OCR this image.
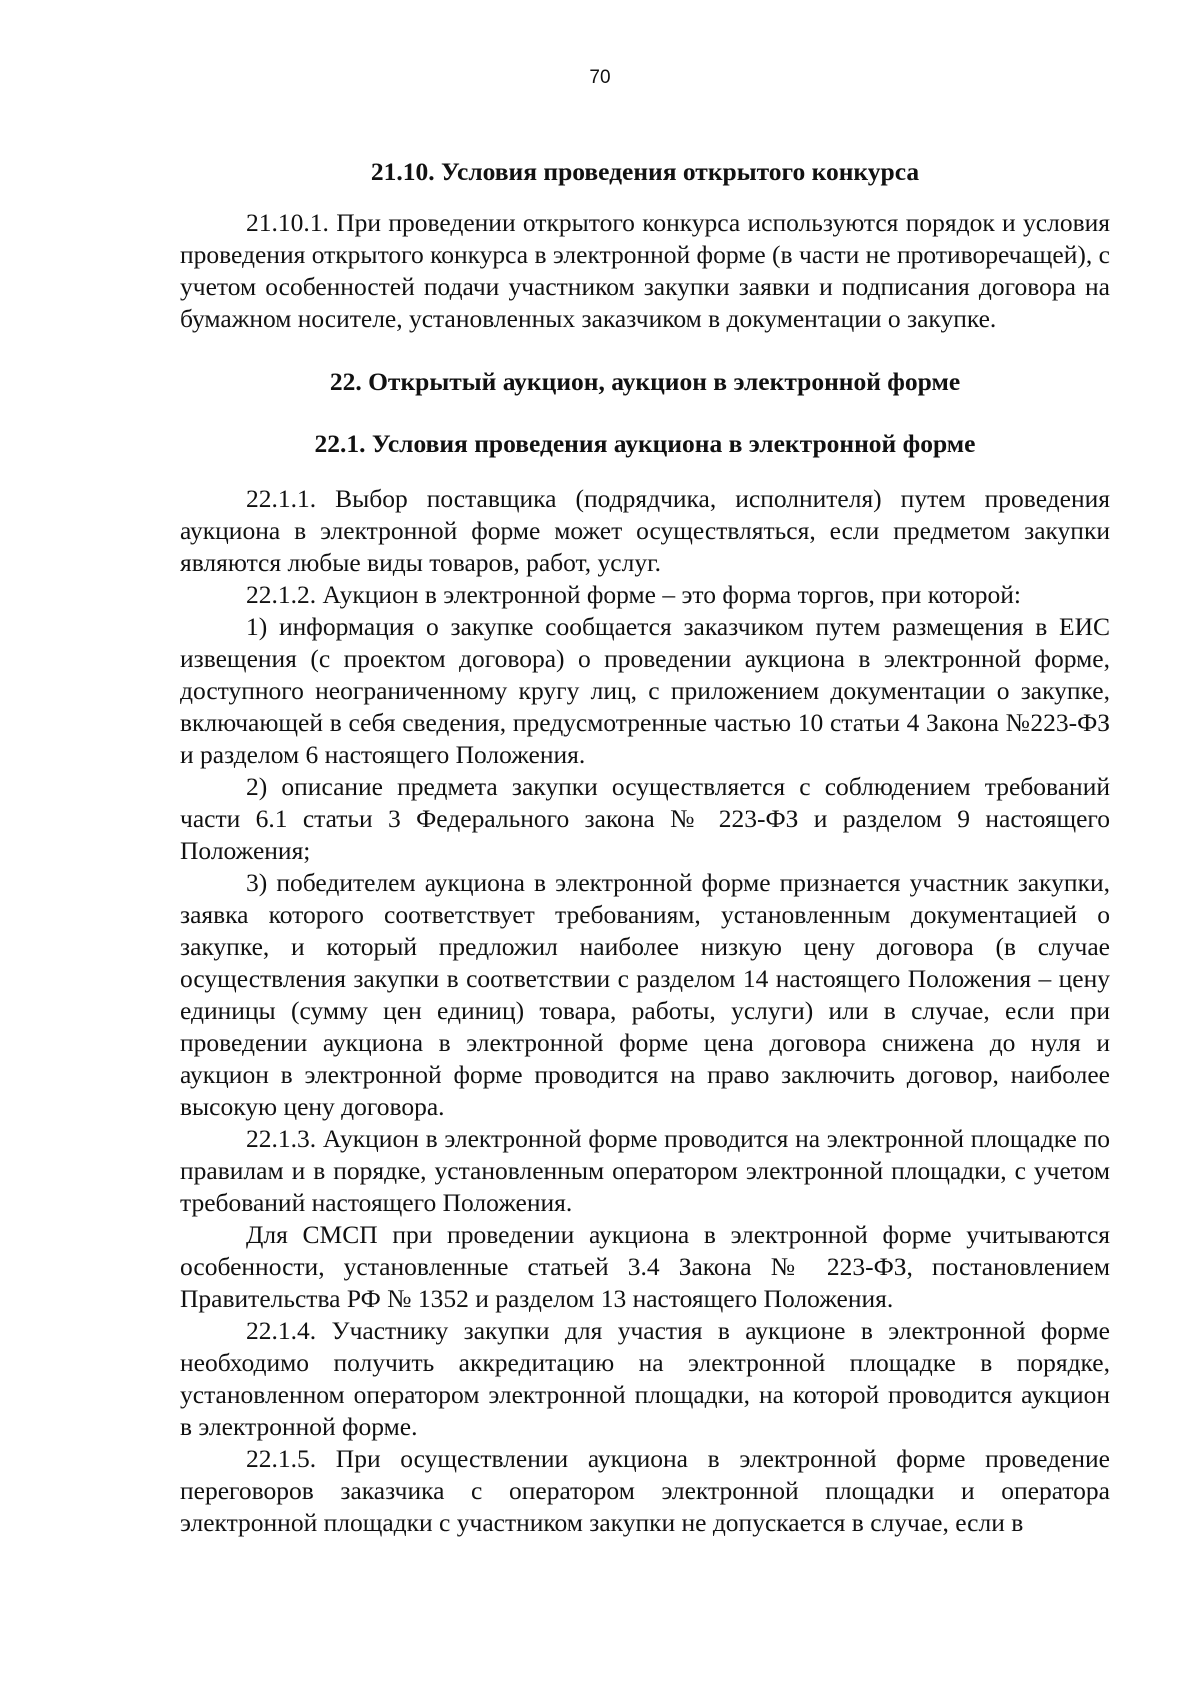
70

21.10. Условия проведения открытого конкурса

21.10.1. При проведении открытого конкурса используются порядок и условия проведения открытого конкурса в электронной форме (в части не противоречащей), с учетом особенностей подачи участником закупки заявки и подписания договора на бумажном носителе, установленных заказчиком в документации о закупке.

22. Открытый аукцион, аукцион в электронной форме

22.1. Условия проведения аукциона в электронной форме

22.1.1. Выбор поставщика (подрядчика, исполнителя) путем проведения аукциона в электронной форме может осуществляться, если предметом закупки являются любые виды товаров, работ, услуг.

22.1.2. Аукцион в электронной форме – это форма торгов, при которой:

1) информация о закупке сообщается заказчиком путем размещения в ЕИС извещения (с проектом договора) о проведении аукциона в электронной форме, доступного неограниченному кругу лиц, с приложением документации о закупке, включающей в себя сведения, предусмотренные частью 10 статьи 4 Закона №223-ФЗ и разделом 6 настоящего Положения.

2) описание предмета закупки осуществляется с соблюдением требований части 6.1 статьи 3 Федерального закона № 223-ФЗ и разделом 9 настоящего Положения;

3) победителем аукциона в электронной форме признается участник закупки, заявка которого соответствует требованиям, установленным документацией о закупке, и который предложил наиболее низкую цену договора (в случае осуществления закупки в соответствии с разделом 14 настоящего Положения – цену единицы (сумму цен единиц) товара, работы, услуги) или в случае, если при проведении аукциона в электронной форме цена договора снижена до нуля и аукцион в электронной форме проводится на право заключить договор, наиболее высокую цену договора.

22.1.3. Аукцион в электронной форме проводится на электронной площадке по правилам и в порядке, установленным оператором электронной площадки, с учетом требований настоящего Положения.

Для СМСП при проведении аукциона в электронной форме учитываются особенности, установленные статьей 3.4 Закона № 223-ФЗ, постановлением Правительства РФ № 1352 и разделом 13 настоящего Положения.

22.1.4. Участнику закупки для участия в аукционе в электронной форме необходимо получить аккредитацию на электронной площадке в порядке, установленном оператором электронной площадки, на которой проводится аукцион в электронной форме.

22.1.5. При осуществлении аукциона в электронной форме проведение переговоров заказчика с оператором электронной площадки и оператора электронной площадки с участником закупки не допускается в случае, если в
